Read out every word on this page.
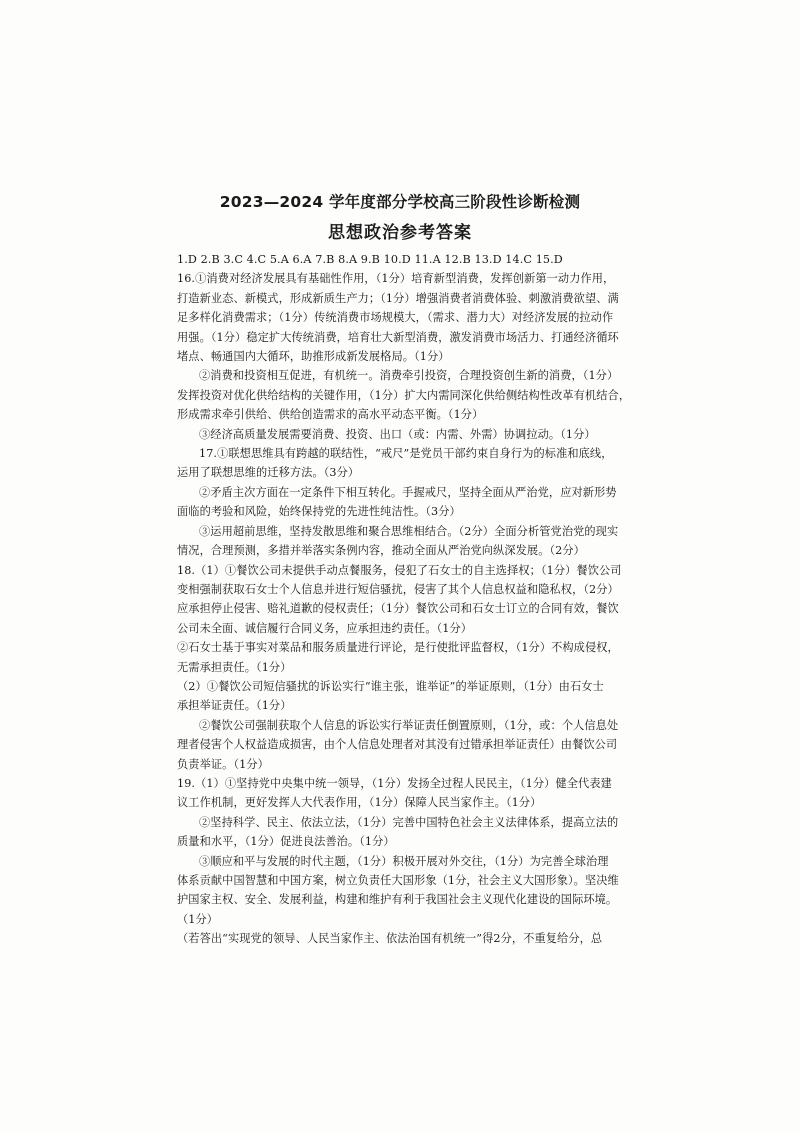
2023—2024 学年度部分学校高三阶段性诊断检测
思想政治参考答案
1.D 2.B 3.C 4.C 5.A 6.A 7.B 8.A 9.B 10.D 11.A 12.B 13.D 14.C 15.D
16.①消费对经济发展具有基础性作用，（1分）培育新型消费，发挥创新第一动力作用，
打造新业态、新模式，形成新质生产力；（1分）增强消费者消费体验、刺激消费欲望、满
足多样化消费需求；（1分）传统消费市场规模大，（需求、潜力大）对经济发展的拉动作
用强。（1分）稳定扩大传统消费，培育壮大新型消费，激发消费市场活力、打通经济循环
堵点、畅通国内大循环，助推形成新发展格局。（1分）
②消费和投资相互促进，有机统一。消费牵引投资，合理投资创生新的消费，（1分）
发挥投资对优化供给结构的关键作用，（1分）扩大内需同深化供给侧结构性改革有机结合，
形成需求牵引供给、供给创造需求的高水平动态平衡。（1分）
③经济高质量发展需要消费、投资、出口（或：内需、外需）协调拉动。（1分）
17.①联想思维具有跨越的联结性，“戒尺”是党员干部约束自身行为的标准和底线，
运用了联想思维的迁移方法。（3分）
②矛盾主次方面在一定条件下相互转化。手握戒尺，坚持全面从严治党，应对新形势
面临的考验和风险，始终保持党的先进性纯洁性。（3分）
③运用超前思维，坚持发散思维和聚合思维相结合。（2分）全面分析管党治党的现实
情况，合理预测，多措并举落实条例内容，推动全面从严治党向纵深发展。（2分）
18.（1）①餐饮公司未提供手动点餐服务，侵犯了石女士的自主选择权；（1分）餐饮公司
变相强制获取石女士个人信息并进行短信骚扰，侵害了其个人信息权益和隐私权，（2分）
应承担停止侵害、赔礼道歉的侵权责任；（1分）餐饮公司和石女士订立的合同有效，餐饮
公司未全面、诚信履行合同义务，应承担违约责任。（1分）
②石女士基于事实对菜品和服务质量进行评论，是行使批评监督权，（1分）不构成侵权，
无需承担责任。（1分）
（2）①餐饮公司短信骚扰的诉讼实行“谁主张，谁举证”的举证原则，（1分）由石女士
承担举证责任。（1分）
②餐饮公司强制获取个人信息的诉讼实行举证责任倒置原则，（1分，或：个人信息处
理者侵害个人权益造成损害，由个人信息处理者对其没有过错承担举证责任）由餐饮公司
负责举证。（1分）
19.（1）①坚持党中央集中统一领导，（1分）发扬全过程人民民主，（1分）健全代表建
议工作机制，更好发挥人大代表作用，（1分）保障人民当家作主。（1分）
②坚持科学、民主、依法立法，（1分）完善中国特色社会主义法律体系，提高立法的
质量和水平，（1分）促进良法善治。（1分）
③顺应和平与发展的时代主题，（1分）积极开展对外交往，（1分）为完善全球治理
体系贡献中国智慧和中国方案，树立负责任大国形象（1分，社会主义大国形象）。坚决维
护国家主权、安全、发展利益，构建和维护有利于我国社会主义现代化建设的国际环境。
（1分）
（若答出“实现党的领导、人民当家作主、依法治国有机统一”得2分，不重复给分，总
